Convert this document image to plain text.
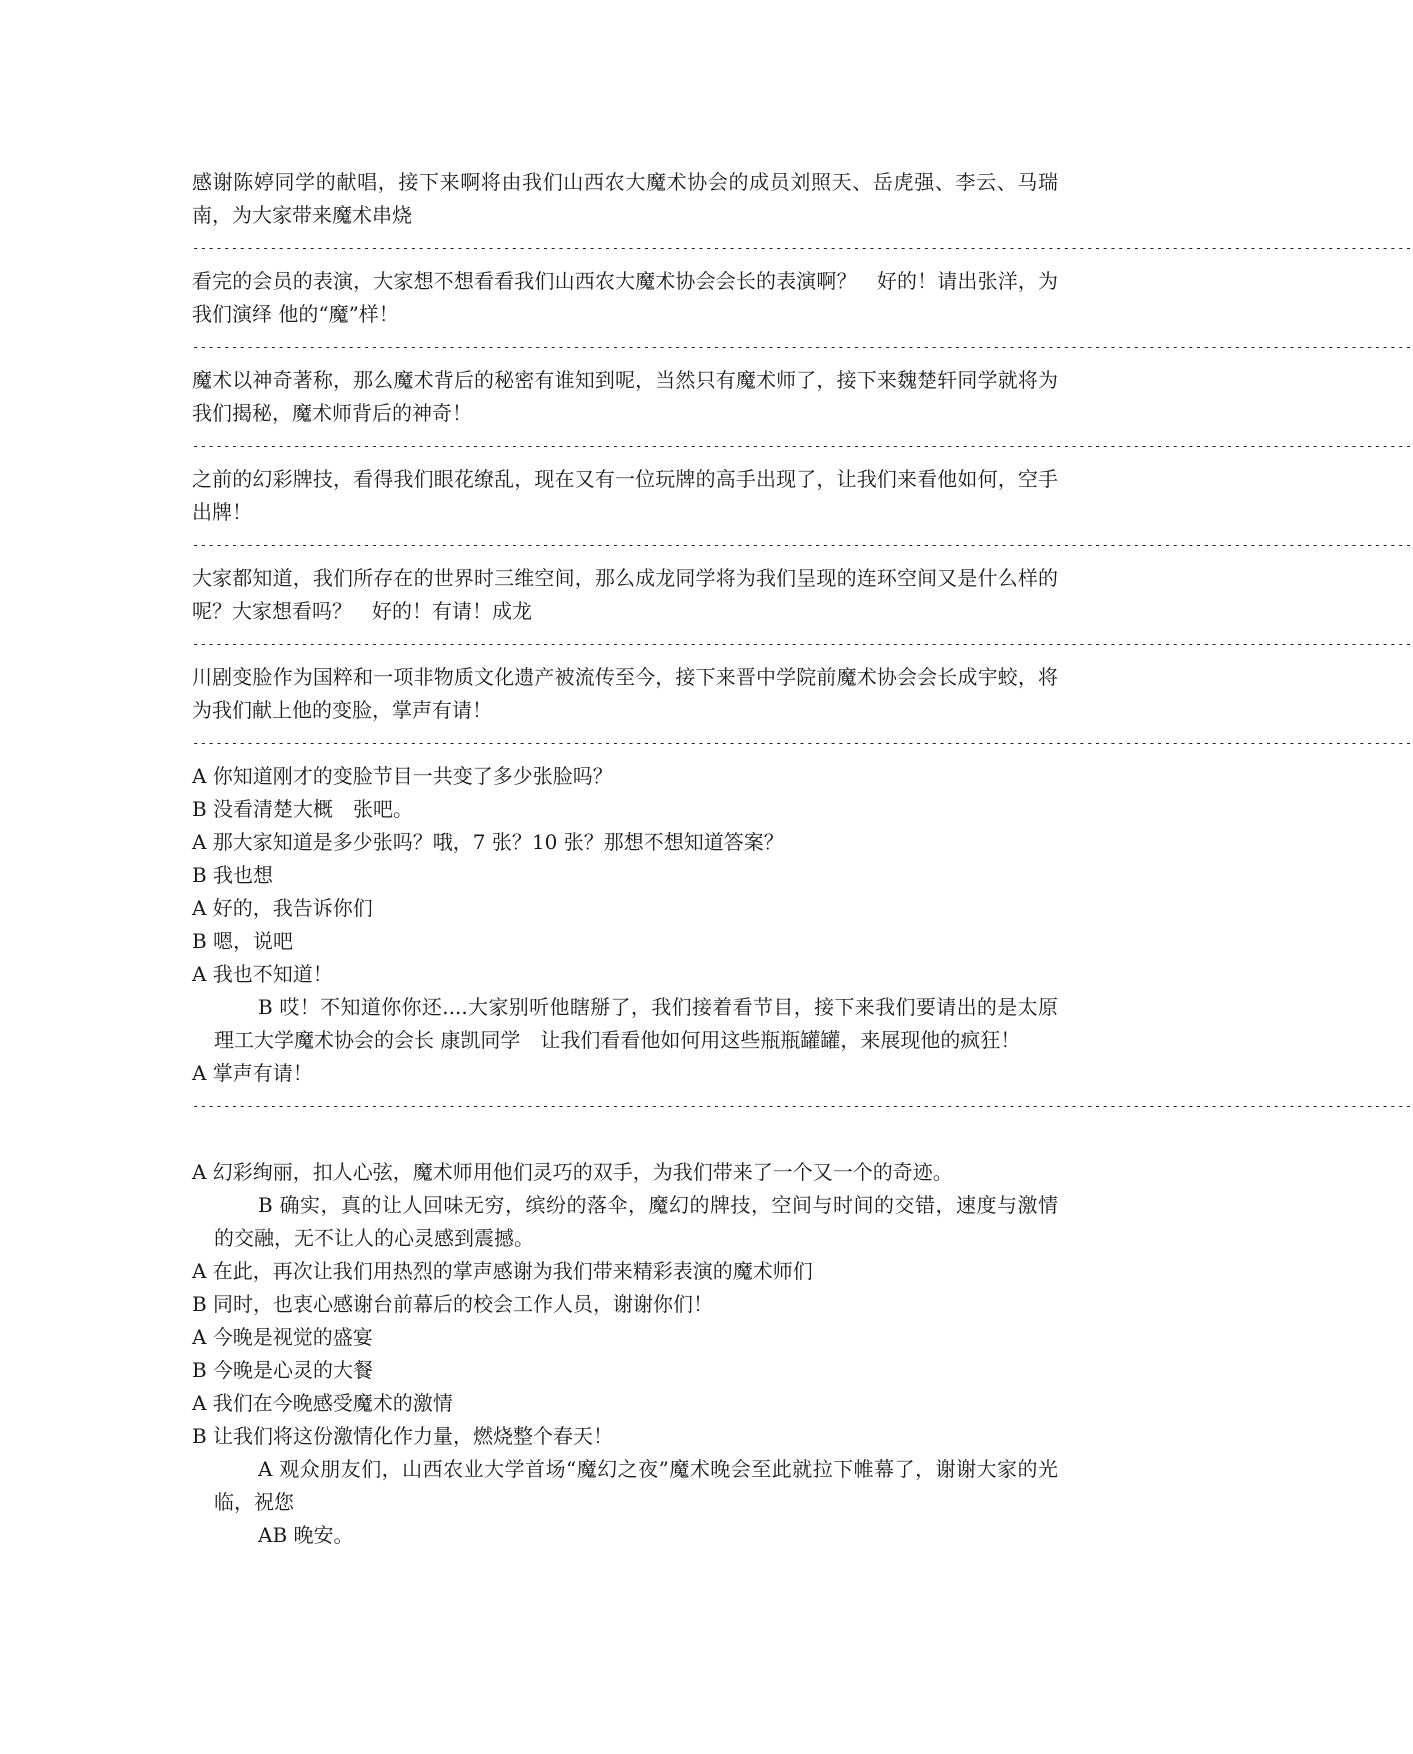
感谢陈婷同学的献唱，接下来啊将由我们山西农大魔术协会的成员刘照天、岳虎强、李云、马瑞南，为大家带来魔术串烧

-------------------------------------------------------------------------------------------------------------------------------------------------------------

看完的会员的表演，大家想不想看看我们山西农大魔术协会会长的表演啊？　好的！请出张洋，为我们演绎 他的“魔”样！

-------------------------------------------------------------------------------------------------------------------------------------------------------------

魔术以神奇著称，那么魔术背后的秘密有谁知到呢，当然只有魔术师了，接下来魏楚轩同学就将为我们揭秘，魔术师背后的神奇！

-------------------------------------------------------------------------------------------------------------------------------------------------------------

之前的幻彩牌技，看得我们眼花缭乱，现在又有一位玩牌的高手出现了，让我们来看他如何，空手出牌！

-------------------------------------------------------------------------------------------------------------------------------------------------------------

大家都知道，我们所存在的世界时三维空间，那么成龙同学将为我们呈现的连环空间又是什么样的呢？大家想看吗？　好的！有请！成龙

-------------------------------------------------------------------------------------------------------------------------------------------------------------

川剧变脸作为国粹和一项非物质文化遗产被流传至今，接下来晋中学院前魔术协会会长成宇蛟，将为我们献上他的变脸，掌声有请！

-------------------------------------------------------------------------------------------------------------------------------------------------------------

A 你知道刚才的变脸节目一共变了多少张脸吗？

B 没看清楚大概　张吧。

A 那大家知道是多少张吗？哦，7 张？10 张？那想不想知道答案？

B 我也想

A 好的，我告诉你们

B 嗯，说吧

A 我也不知道！

B 哎！不知道你你还....大家别听他瞎掰了，我们接着看节目，接下来我们要请出的是太原理工大学魔术协会的会长 康凯同学　让我们看看他如何用这些瓶瓶罐罐，来展现他的疯狂！

A 掌声有请！

-------------------------------------------------------------------------------------------------------------------------------------------------------------

A 幻彩绚丽，扣人心弦，魔术师用他们灵巧的双手，为我们带来了一个又一个的奇迹。

B 确实，真的让人回味无穷，缤纷的落伞，魔幻的牌技，空间与时间的交错，速度与激情的交融，无不让人的心灵感到震撼。

A 在此，再次让我们用热烈的掌声感谢为我们带来精彩表演的魔术师们

B 同时，也衷心感谢台前幕后的校会工作人员，谢谢你们！

A 今晚是视觉的盛宴

B 今晚是心灵的大餐

A 我们在今晚感受魔术的激情

B 让我们将这份激情化作力量，燃烧整个春天！

A 观众朋友们，山西农业大学首场“魔幻之夜”魔术晚会至此就拉下帷幕了，谢谢大家的光临，祝您

AB 晚安。
